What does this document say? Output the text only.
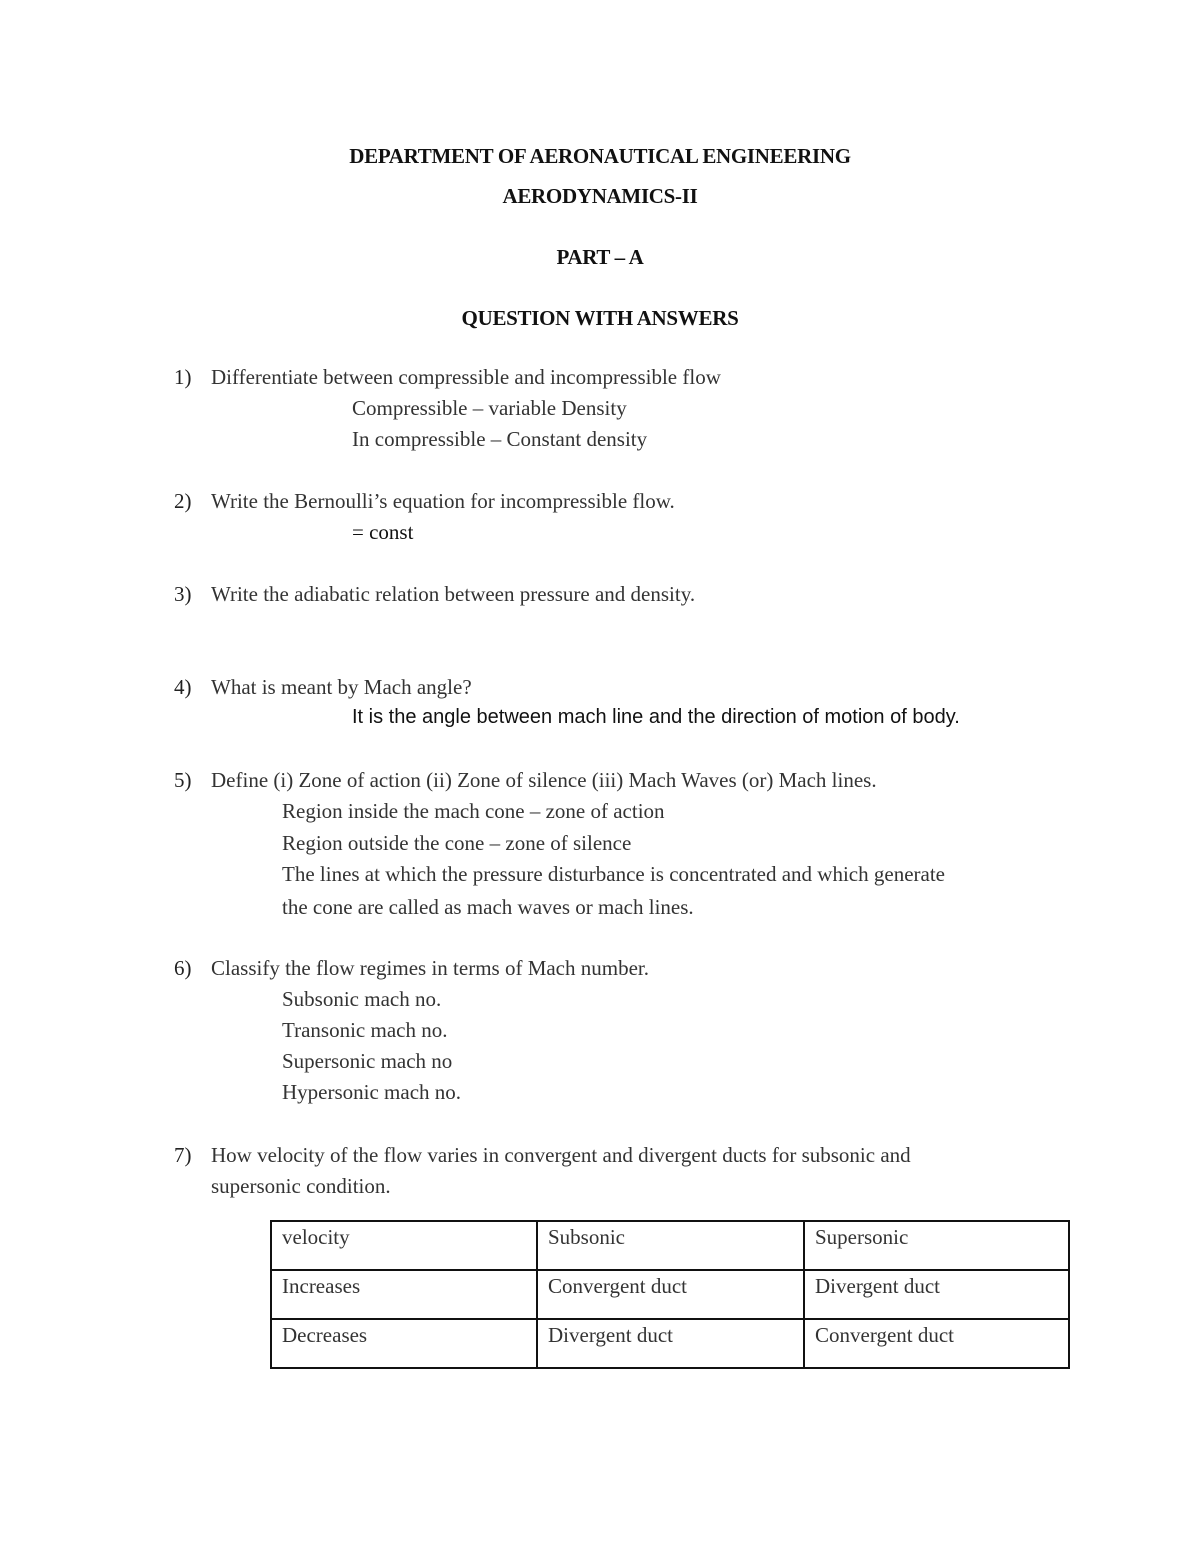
DEPARTMENT OF AERONAUTICAL ENGINEERING
AERODYNAMICS-II
PART – A
QUESTION WITH ANSWERS
1) Differentiate between compressible and incompressible flow
Compressible – variable Density
In compressible – Constant density
2) Write the Bernoulli’s equation for incompressible flow.
= const
3) Write the adiabatic relation between pressure and density.
4) What is meant by Mach angle?
It is the angle between mach line and the direction of motion of body.
5) Define (i) Zone of action (ii) Zone of silence (iii) Mach Waves (or) Mach lines.
Region inside the mach cone – zone of action
Region outside the cone – zone of silence
The lines at which the pressure disturbance is concentrated and which generate
the cone are called as mach waves or mach lines.
6) Classify the flow regimes in terms of Mach number.
Subsonic mach no.
Transonic mach no.
Supersonic mach no
Hypersonic mach no.
7) How velocity of the flow varies in convergent and divergent ducts for subsonic and
supersonic condition.
velocity	Subsonic	Supersonic
Increases	Convergent duct	Divergent duct
Decreases	Divergent duct	Convergent duct
